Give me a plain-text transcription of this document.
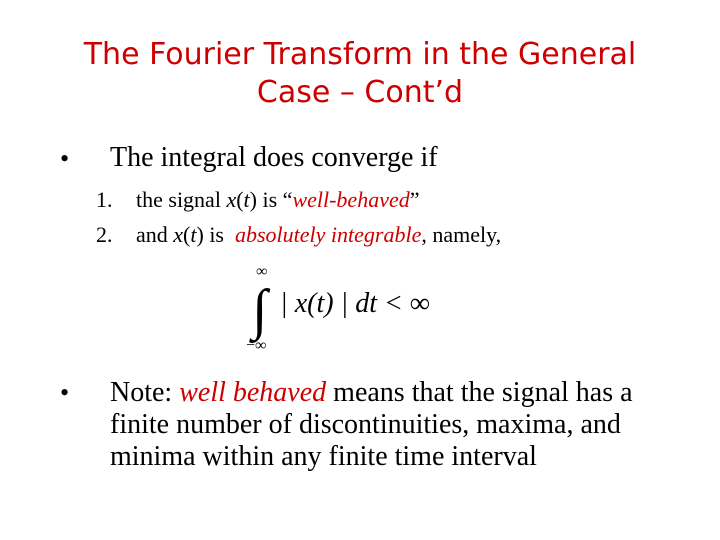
The Fourier Transform in the General
Case – Cont’d
• The integral does converge if
1. the signal x(t) is “well-behaved”
2. and x(t) is  absolutely integrable, namely,
∞
∫
−∞
| x(t) | dt < ∞
• Note: well behaved means that the signal has a finite number of discontinuities, maxima, and minima within any finite time interval
